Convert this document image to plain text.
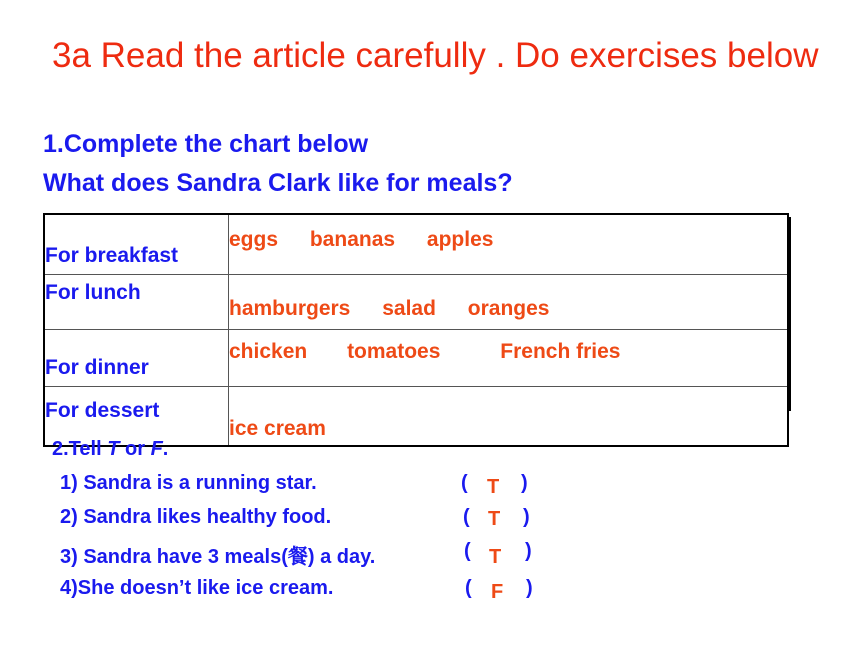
3a Read the article carefully . Do exercises below
1.Complete the chart below
What does Sandra Clark like for meals?
For breakfast	eggs bananas apples
For lunch	hamburgers salad oranges
For dinner	chicken tomatoes French fries
For dessert	ice cream
2.Tell T or F.
1) Sandra is a running star.	( T )
2) Sandra likes healthy food.	( T )
3) Sandra have 3 meals(餐) a day.	( T )
4)She doesn’t like ice cream.	( F )
